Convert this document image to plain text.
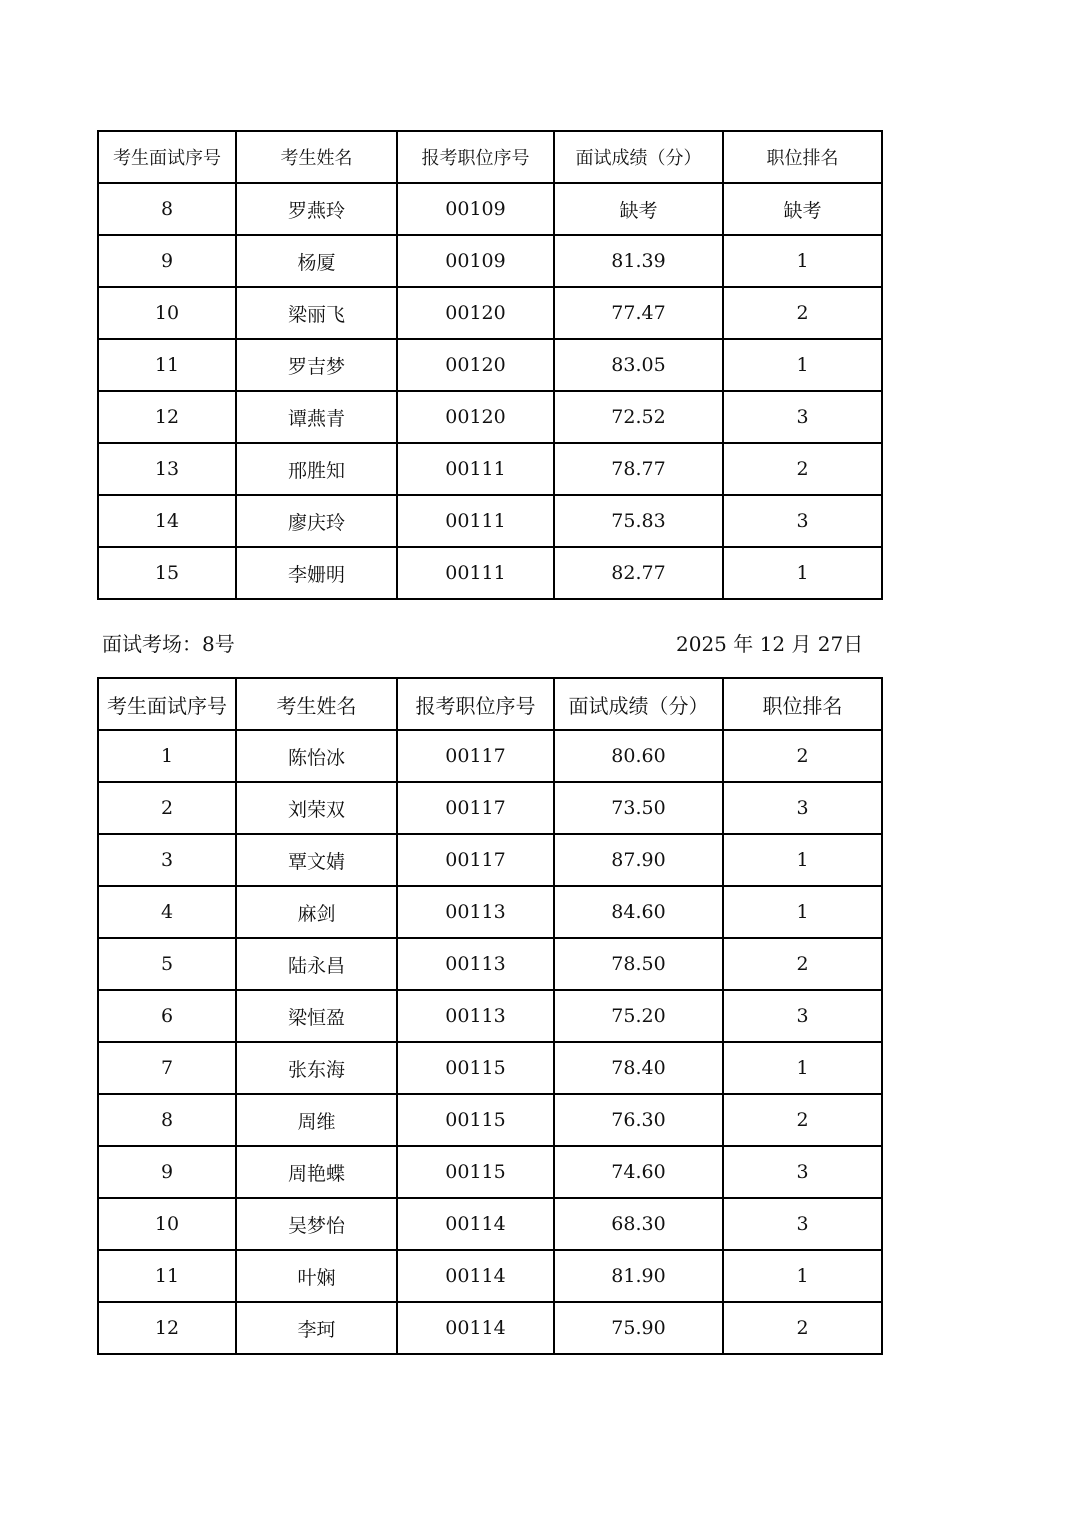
考生面试序号	考生姓名	报考职位序号	面试成绩（分）	职位排名
8	罗燕玲	00109	缺考	缺考
9	杨厦	00109	81.39	1
10	梁丽飞	00120	77.47	2
11	罗吉梦	00120	83.05	1
12	谭燕青	00120	72.52	3
13	邢胜知	00111	78.77	2
14	廖庆玲	00111	75.83	3
15	李姗明	00111	82.77	1
面试考场：8号	2025 年 12 月 27日
考生面试序号	考生姓名	报考职位序号	面试成绩（分）	职位排名
1	陈怡冰	00117	80.60	2
2	刘荣双	00117	73.50	3
3	覃文婧	00117	87.90	1
4	麻剑	00113	84.60	1
5	陆永昌	00113	78.50	2
6	梁恒盈	00113	75.20	3
7	张东海	00115	78.40	1
8	周维	00115	76.30	2
9	周艳蝶	00115	74.60	3
10	吴梦怡	00114	68.30	3
11	叶娴	00114	81.90	1
12	李珂	00114	75.90	2
